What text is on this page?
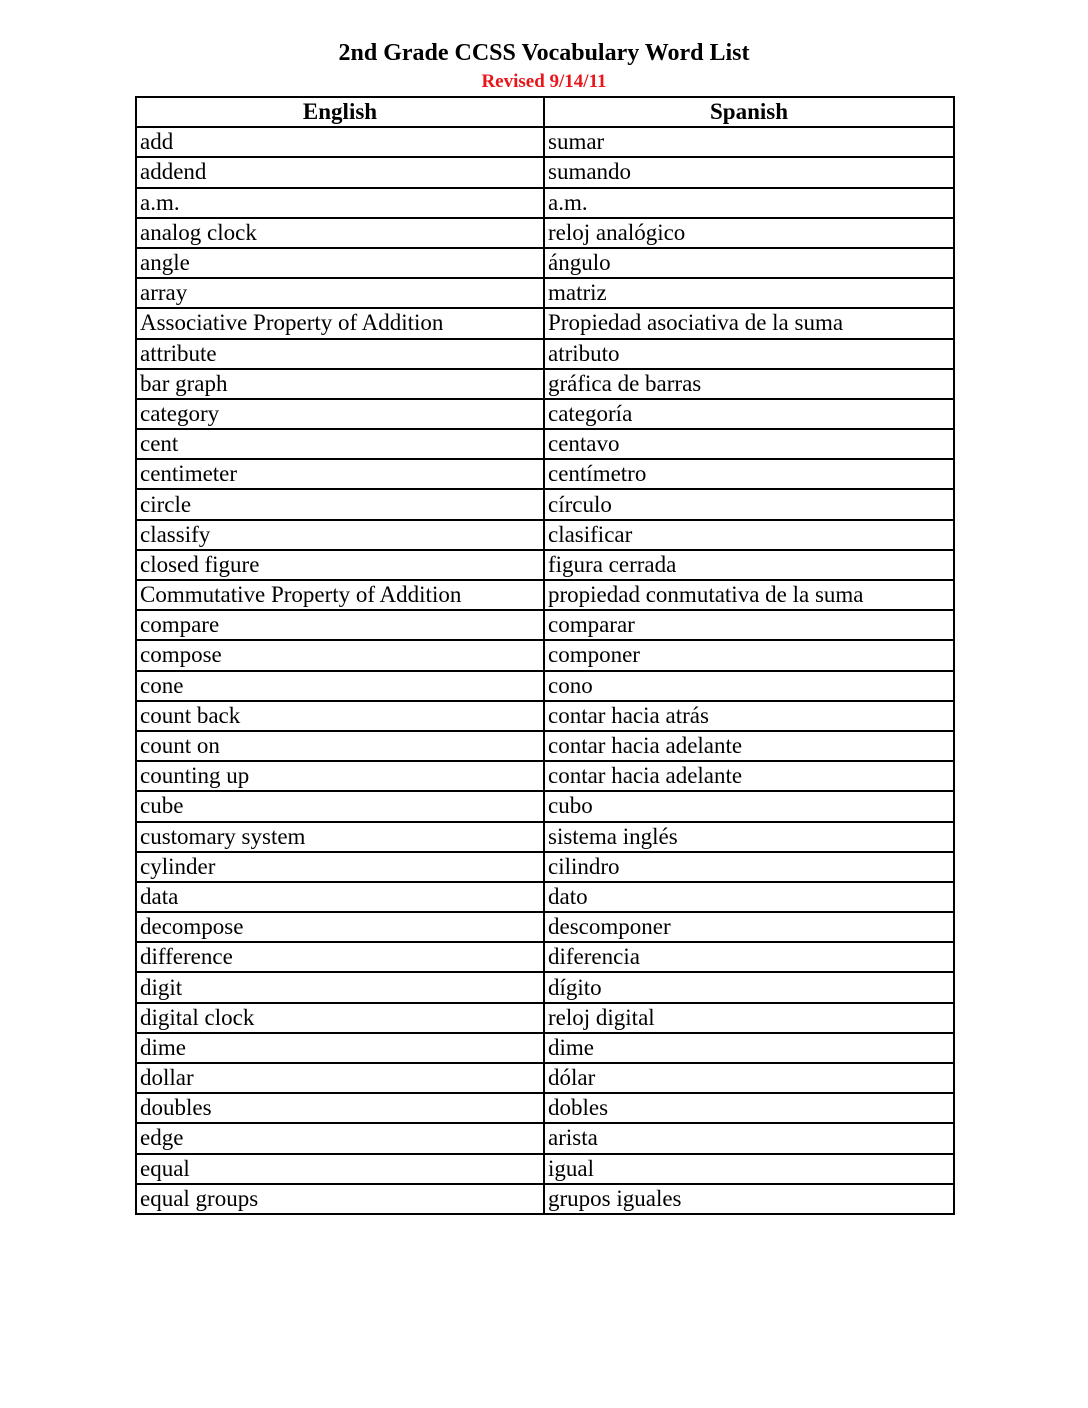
2nd Grade CCSS Vocabulary Word List
Revised 9/14/11
English	Spanish
add	sumar
addend	sumando
a.m.	a.m.
analog clock	reloj analógico
angle	ángulo
array	matriz
Associative Property of Addition	Propiedad asociativa de la suma
attribute	atributo
bar graph	gráfica de barras
category	categoría
cent	centavo
centimeter	centímetro
circle	círculo
classify	clasificar
closed figure	figura cerrada
Commutative Property of Addition	propiedad conmutativa de la suma
compare	comparar
compose	componer
cone	cono
count back	contar hacia atrás
count on	contar hacia adelante
counting up	contar hacia adelante
cube	cubo
customary system	sistema inglés
cylinder	cilindro
data	dato
decompose	descomponer
difference	diferencia
digit	dígito
digital clock	reloj digital
dime	dime
dollar	dólar
doubles	dobles
edge	arista
equal	igual
equal groups	grupos iguales
